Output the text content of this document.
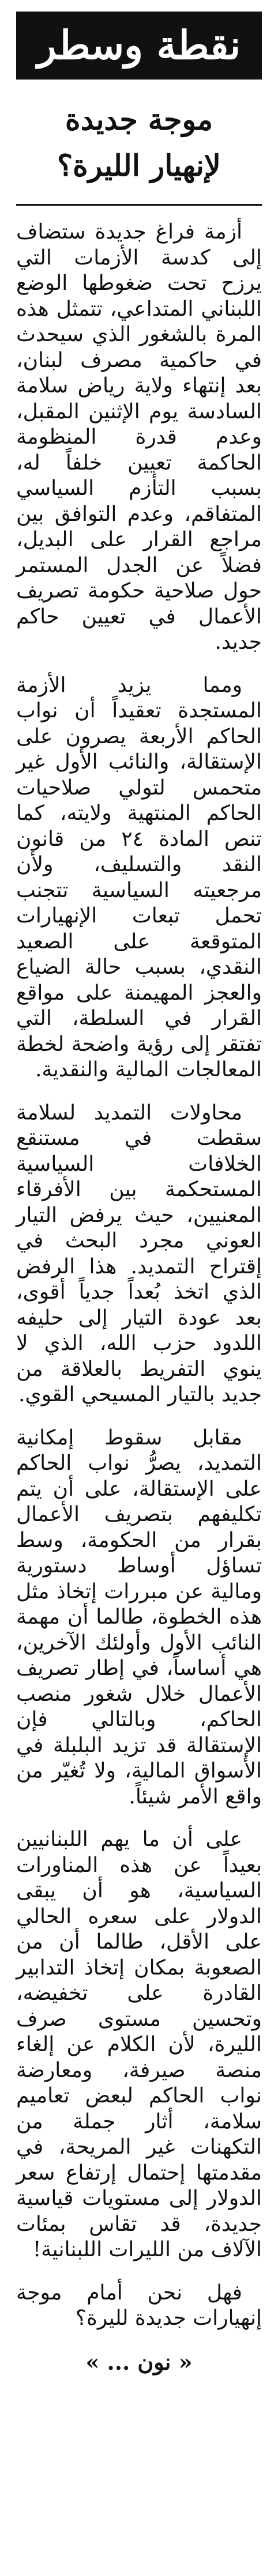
نقطة وسطر
موجة جديدة
لإنهيار الليرة؟

أزمة فراغ جديدة ستضاف إلى كدسة الأزمات التي يرزح تحت ضغوطها الوضع اللبناني المتداعي، تتمثل هذه المرة بالشغور الذي سيحدث في حاكمية مصرف لبنان، بعد إنتهاء ولاية رياض سلامة السادسة يوم الإثنين المقبل، وعدم قدرة المنظومة الحاكمة تعيين خلفاً له، بسبب التأزم السياسي المتفاقم، وعدم التوافق بين مراجع القرار على البديل، فضلاً عن الجدل المستمر حول صلاحية حكومة تصريف الأعمال في تعيين حاكم جديد.

ومما يزيد الأزمة المستجدة تعقيداً أن نواب الحاكم الأربعة يصرون على الإستقالة، والنائب الأول غير متحمس لتولي صلاحيات الحاكم المنتهية ولايته، كما تنص المادة ٢٤ من قانون النقد والتسليف، ولأن مرجعيته السياسية تتجنب تحمل تبعات الإنهيارات المتوقعة على الصعيد النقدي، بسبب حالة الضياع والعجز المهيمنة على مواقع القرار في السلطة، التي تفتقر إلى رؤية واضحة لخطة المعالجات المالية والنقدية.

محاولات التمديد لسلامة سقطت في مستنقع الخلافات السياسية المستحكمة بين الأفرقاء المعنيين، حيث يرفض التيار العوني مجرد البحث في إقتراح التمديد. هذا الرفض الذي اتخذ بُعداً جدياً أقوى، بعد عودة التيار إلى حليفه اللدود حزب الله، الذي لا ينوي التفريط بالعلاقة من جديد بالتيار المسيحي القوي.

مقابل سقوط إمكانية التمديد، يصرُّ نواب الحاكم على الإستقالة، على أن يتم تكليفهم بتصريف الأعمال بقرار من الحكومة، وسط تساؤل أوساط دستورية ومالية عن مبررات إتخاذ مثل هذه الخطوة، طالما أن مهمة النائب الأول وأولئك الآخرين، هي أساساً، في إطار تصريف الأعمال خلال شغور منصب الحاكم، وبالتالي فإن الإستقالة قد تزيد البلبلة في الأسواق المالية، ولا تُغيّر من واقع الأمر شيئاً.

على أن ما يهم اللبنانيين بعيداً عن هذه المناورات السياسية، هو أن يبقى الدولار على سعره الحالي على الأقل، طالما أن من الصعوبة بمكان إتخاذ التدابير القادرة على تخفيضه، وتحسين مستوى صرف الليرة، لأن الكلام عن إلغاء منصة صيرفة، ومعارضة نواب الحاكم لبعض تعاميم سلامة، أثار جملة من التكهنات غير المريحة، في مقدمتها إحتمال إرتفاع سعر الدولار إلى مستويات قياسية جديدة، قد تقاس بمئات الآلاف من الليرات اللبنانية!

فهل نحن أمام موجة إنهيارات جديدة لليرة؟

« نون ... »
